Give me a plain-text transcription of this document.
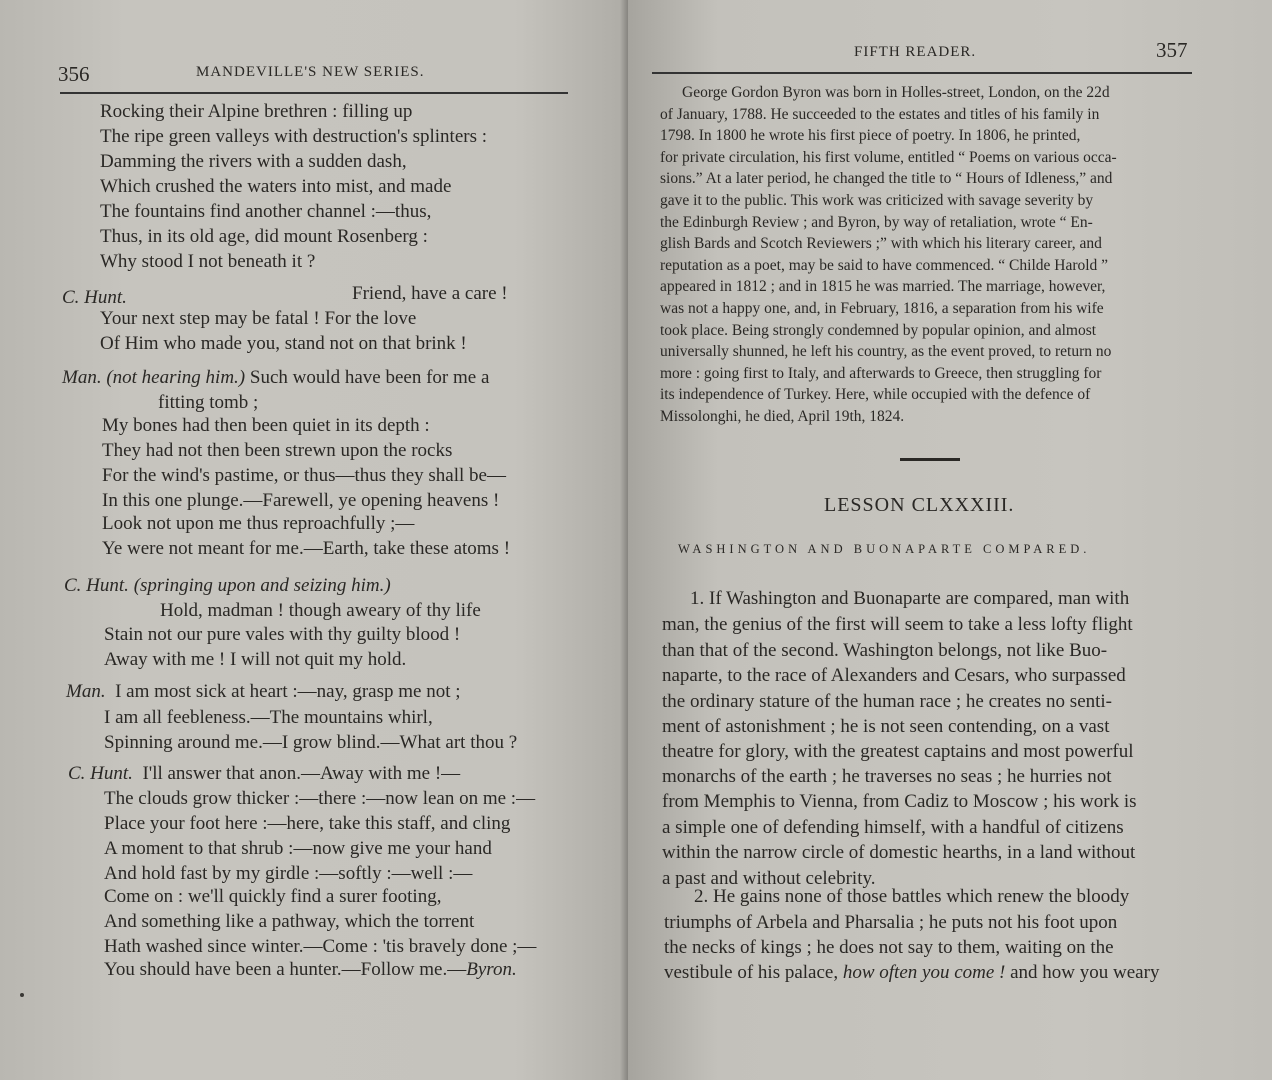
356	MANDEVILLE'S NEW SERIES.
Rocking their Alpine brethren : filling up
The ripe green valleys with destruction's splinters :
Damming the rivers with a sudden dash,
Which crushed the waters into mist, and made
The fountains find another channel :—thus,
Thus, in its old age, did mount Rosenberg :
Why stood I not beneath it ?
C. Hunt.	Friend, have a care !
Your next step may be fatal ! For the love
Of Him who made you, stand not on that brink !
Man. (not hearing him.) Such would have been for me a
fitting tomb ;
My bones had then been quiet in its depth :
They had not then been strewn upon the rocks
For the wind's pastime, or thus—thus they shall be—
In this one plunge.—Farewell, ye opening heavens !
Look not upon me thus reproachfully ;—
Ye were not meant for me.—Earth, take these atoms !
C. Hunt. (springing upon and seizing him.)
Hold, madman ! though aweary of thy life
Stain not our pure vales with thy guilty blood !
Away with me ! I will not quit my hold.
Man. I am most sick at heart :—nay, grasp me not ;
I am all feebleness.—The mountains whirl,
Spinning around me.—I grow blind.—What art thou ?
C. Hunt. I'll answer that anon.—Away with me !—
The clouds grow thicker :—there :—now lean on me :—
Place your foot here :—here, take this staff, and cling
A moment to that shrub :—now give me your hand
And hold fast by my girdle :—softly :—well :—
Come on : we'll quickly find a surer footing,
And something like a pathway, which the torrent
Hath washed since winter.—Come : 'tis bravely done ;—
You should have been a hunter.—Follow me.—Byron.
FIFTH READER.	357
George Gordon Byron was born in Holles-street, London, on the 22d
of January, 1788. He succeeded to the estates and titles of his family in
1798. In 1800 he wrote his first piece of poetry. In 1806, he printed,
for private circulation, his first volume, entitled “ Poems on various occa-
sions.” At a later period, he changed the title to “ Hours of Idleness,” and
gave it to the public. This work was criticized with savage severity by
the Edinburgh Review ; and Byron, by way of retaliation, wrote “ En-
glish Bards and Scotch Reviewers ;” with which his literary career, and
reputation as a poet, may be said to have commenced. “ Childe Harold ”
appeared in 1812 ; and in 1815 he was married. The marriage, however,
was not a happy one, and, in February, 1816, a separation from his wife
took place. Being strongly condemned by popular opinion, and almost
universally shunned, he left his country, as the event proved, to return no
more : going first to Italy, and afterwards to Greece, then struggling for
its independence of Turkey. Here, while occupied with the defence of
Missolonghi, he died, April 19th, 1824.
LESSON CLXXXIII.
WASHINGTON AND BUONAPARTE COMPARED.
1. If Washington and Buonaparte are compared, man with
man, the genius of the first will seem to take a less lofty flight
than that of the second. Washington belongs, not like Buo-
naparte, to the race of Alexanders and Cesars, who surpassed
the ordinary stature of the human race ; he creates no senti-
ment of astonishment ; he is not seen contending, on a vast
theatre for glory, with the greatest captains and most powerful
monarchs of the earth ; he traverses no seas ; he hurries not
from Memphis to Vienna, from Cadiz to Moscow ; his work is
a simple one of defending himself, with a handful of citizens
within the narrow circle of domestic hearths, in a land without
a past and without celebrity.
2. He gains none of those battles which renew the bloody
triumphs of Arbela and Pharsalia ; he puts not his foot upon
the necks of kings ; he does not say to them, waiting on the
vestibule of his palace, how often you come ! and how you weary
